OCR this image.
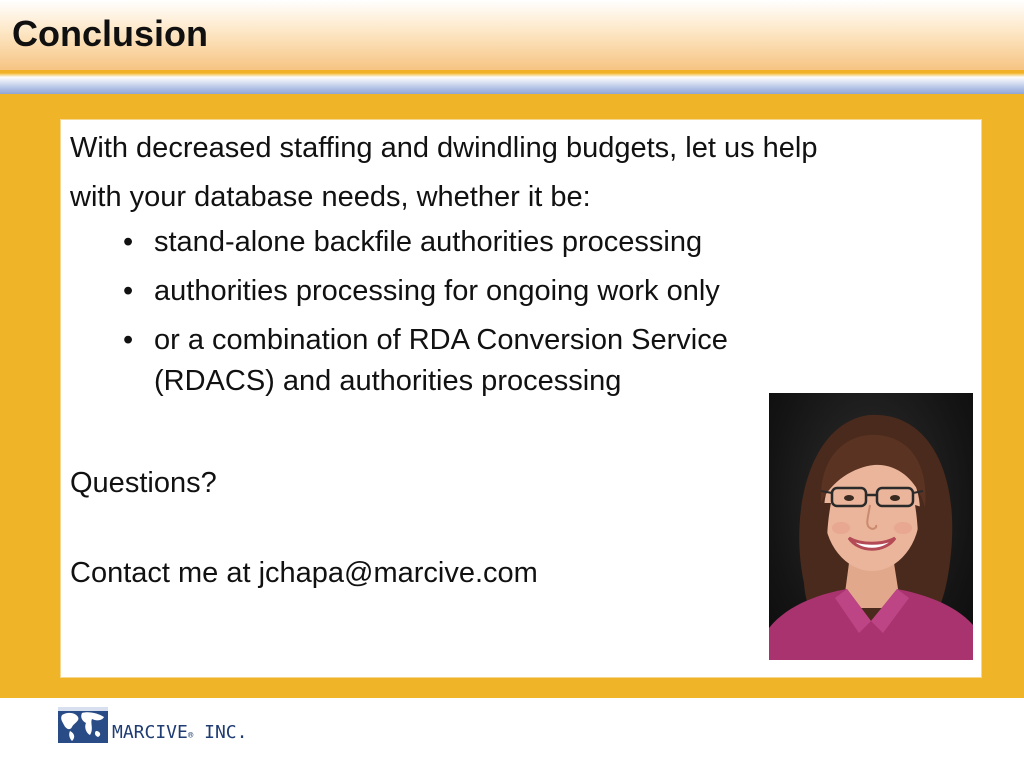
Conclusion

With decreased staffing and dwindling budgets, let us help

with your database needs, whether it be:

• stand-alone backfile authorities processing
• authorities processing for ongoing work only
• or a combination of RDA Conversion Service (RDACS) and authorities processing

Questions?

Contact me at jchapa@marcive.com

MARCIVE® INC.
